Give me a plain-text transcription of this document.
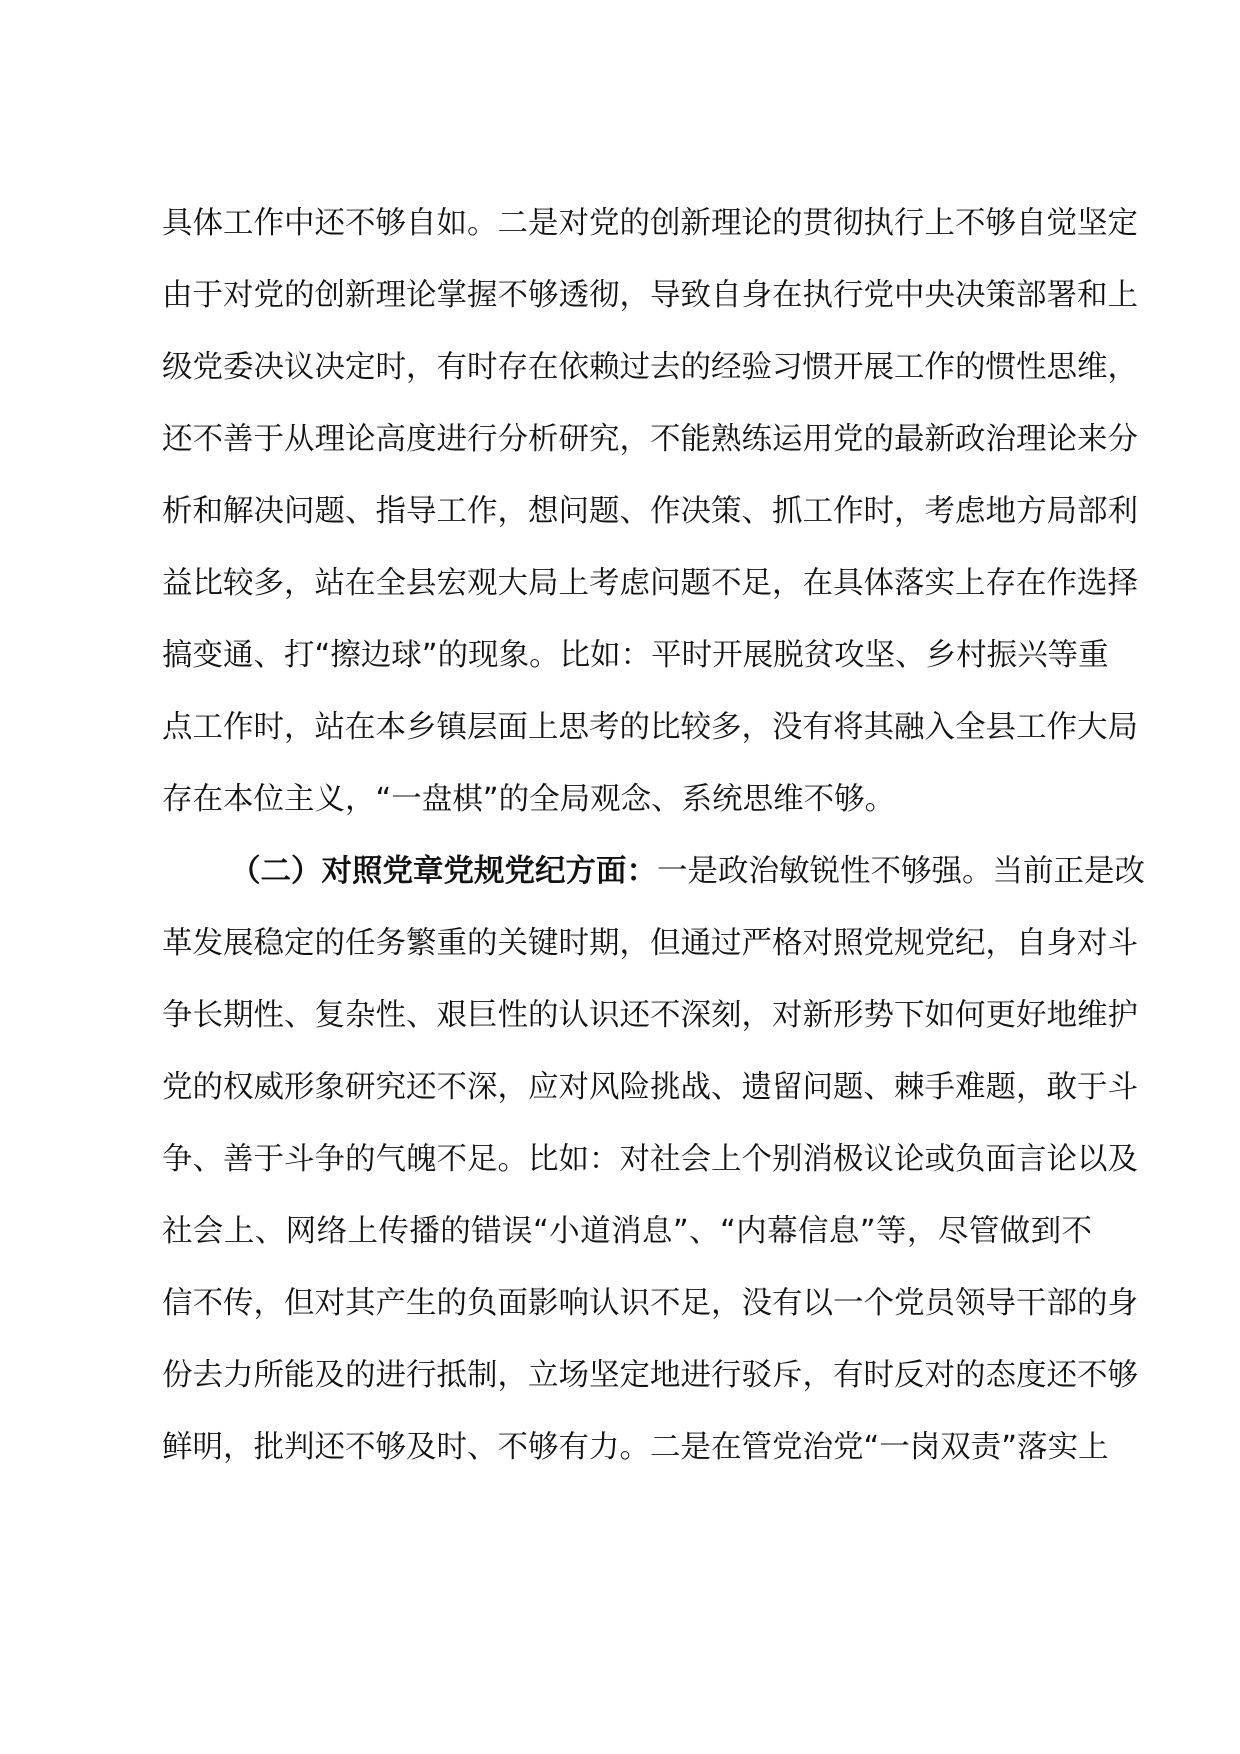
具体工作中还不够自如。二是对党的创新理论的贯彻执行上不够自觉坚定
由于对党的创新理论掌握不够透彻，导致自身在执行党中央决策部署和上
级党委决议决定时，有时存在依赖过去的经验习惯开展工作的惯性思维，
还不善于从理论高度进行分析研究，不能熟练运用党的最新政治理论来分
析和解决问题、指导工作，想问题、作决策、抓工作时，考虑地方局部利
益比较多，站在全县宏观大局上考虑问题不足，在具体落实上存在作选择
搞变通、打“擦边球”的现象。比如：平时开展脱贫攻坚、乡村振兴等重
点工作时，站在本乡镇层面上思考的比较多，没有将其融入全县工作大局
存在本位主义，“一盘棋”的全局观念、系统思维不够。
（二）对照党章党规党纪方面：一是政治敏锐性不够强。当前正是改
革发展稳定的任务繁重的关键时期，但通过严格对照党规党纪，自身对斗
争长期性、复杂性、艰巨性的认识还不深刻，对新形势下如何更好地维护
党的权威形象研究还不深，应对风险挑战、遗留问题、棘手难题，敢于斗
争、善于斗争的气魄不足。比如：对社会上个别消极议论或负面言论以及
社会上、网络上传播的错误“小道消息”、“内幕信息”等，尽管做到不
信不传，但对其产生的负面影响认识不足，没有以一个党员领导干部的身
份去力所能及的进行抵制，立场坚定地进行驳斥，有时反对的态度还不够
鲜明，批判还不够及时、不够有力。二是在管党治党“一岗双责”落实上
